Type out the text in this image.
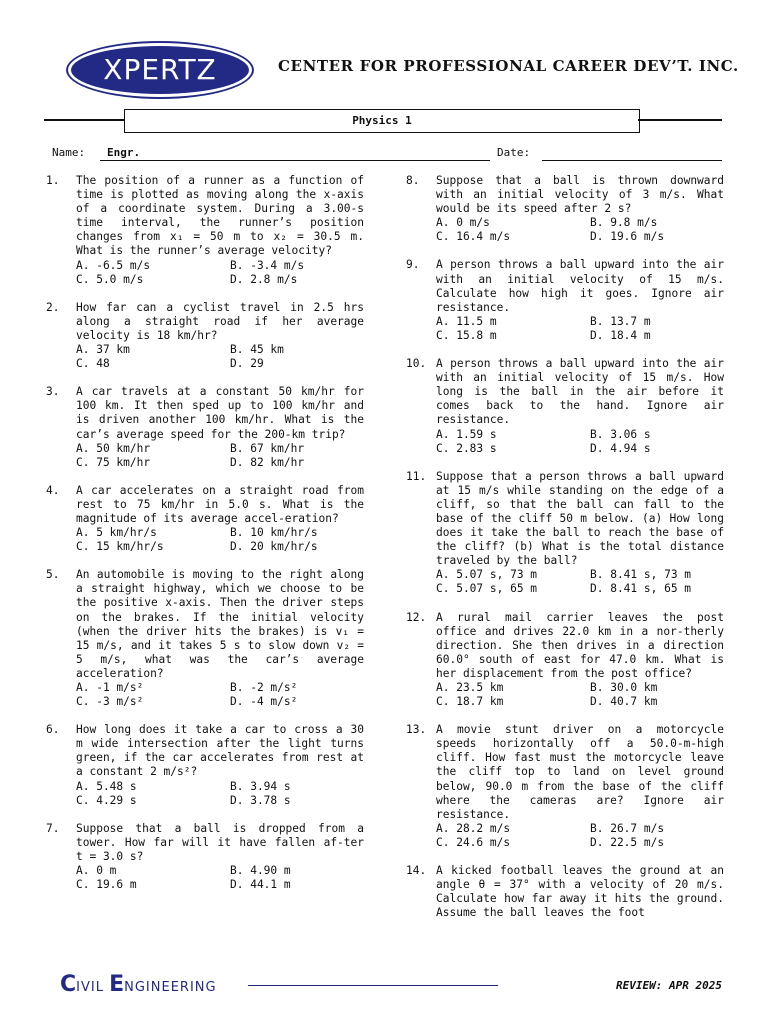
XPERTZ	CENTER FOR PROFESSIONAL CAREER DEV’T. INC.
Physics 1
Name: Engr.	Date:
1. The position of a runner as a function of time is plotted as moving along the x-axis of a coordinate system. During a 3.00-s time interval, the runner’s position changes from x₁ = 50 m to x₂ = 30.5 m. What is the runner’s average velocity?
A. -6.5 m/s	B. -3.4 m/s
C. 5.0 m/s	D. 2.8 m/s
2. How far can a cyclist travel in 2.5 hrs along a straight road if her average velocity is 18 km/hr?
A. 37 km	B. 45 km
C. 48	D. 29
3. A car travels at a constant 50 km/hr for 100 km. It then sped up to 100 km/hr and is driven another 100 km/hr. What is the car’s average speed for the 200-km trip?
A. 50 km/hr	B. 67 km/hr
C. 75 km/hr	D. 82 km/hr
4. A car accelerates on a straight road from rest to 75 km/hr in 5.0 s. What is the magnitude of its average accel-eration?
A. 5 km/hr/s	B. 10 km/hr/s
C. 15 km/hr/s	D. 20 km/hr/s
5. An automobile is moving to the right along a straight highway, which we choose to be the positive x-axis. Then the driver steps on the brakes. If the initial velocity (when the driver hits the brakes) is v₁ = 15 m/s, and it takes 5 s to slow down v₂ = 5 m/s, what was the car’s average acceleration?
A. -1 m/s²	B. -2 m/s²
C. -3 m/s²	D. -4 m/s²
6. How long does it take a car to cross a 30 m wide intersection after the light turns green, if the car accelerates from rest at a constant 2 m/s²?
A. 5.48 s	B. 3.94 s
C. 4.29 s	D. 3.78 s
7. Suppose that a ball is dropped from a tower. How far will it have fallen af-ter t = 3.0 s?
A. 0 m	B. 4.90 m
C. 19.6 m	D. 44.1 m
8. Suppose that a ball is thrown downward with an initial velocity of 3 m/s. What would be its speed after 2 s?
A. 0 m/s	B. 9.8 m/s
C. 16.4 m/s	D. 19.6 m/s
9. A person throws a ball upward into the air with an initial velocity of 15 m/s. Calculate how high it goes. Ignore air resistance.
A. 11.5 m	B. 13.7 m
C. 15.8 m	D. 18.4 m
10. A person throws a ball upward into the air with an initial velocity of 15 m/s. How long is the ball in the air before it comes back to the hand. Ignore air resistance.
A. 1.59 s	B. 3.06 s
C. 2.83 s	D. 4.94 s
11. Suppose that a person throws a ball upward at 15 m/s while standing on the edge of a cliff, so that the ball can fall to the base of the cliff 50 m below. (a) How long does it take the ball to reach the base of the cliff? (b) What is the total distance traveled by the ball?
A. 5.07 s, 73 m	B. 8.41 s, 73 m
C. 5.07 s, 65 m	D. 8.41 s, 65 m
12. A rural mail carrier leaves the post office and drives 22.0 km in a nor-therly direction. She then drives in a direction 60.0° south of east for 47.0 km. What is her displacement from the post office?
A. 23.5 km	B. 30.0 km
C. 18.7 km	D. 40.7 km
13. A movie stunt driver on a motorcycle speeds horizontally off a 50.0-m-high cliff. How fast must the motorcycle leave the cliff top to land on level ground below, 90.0 m from the base of the cliff where the cameras are? Ignore air resistance.
A. 28.2 m/s	B. 26.7 m/s
C. 24.6 m/s	D. 22.5 m/s
14. A kicked football leaves the ground at an angle θ = 37° with a velocity of 20 m/s. Calculate how far away it hits the ground. Assume the ball leaves the foot
CIVIL ENGINEERING	REVIEW: APR 2025
